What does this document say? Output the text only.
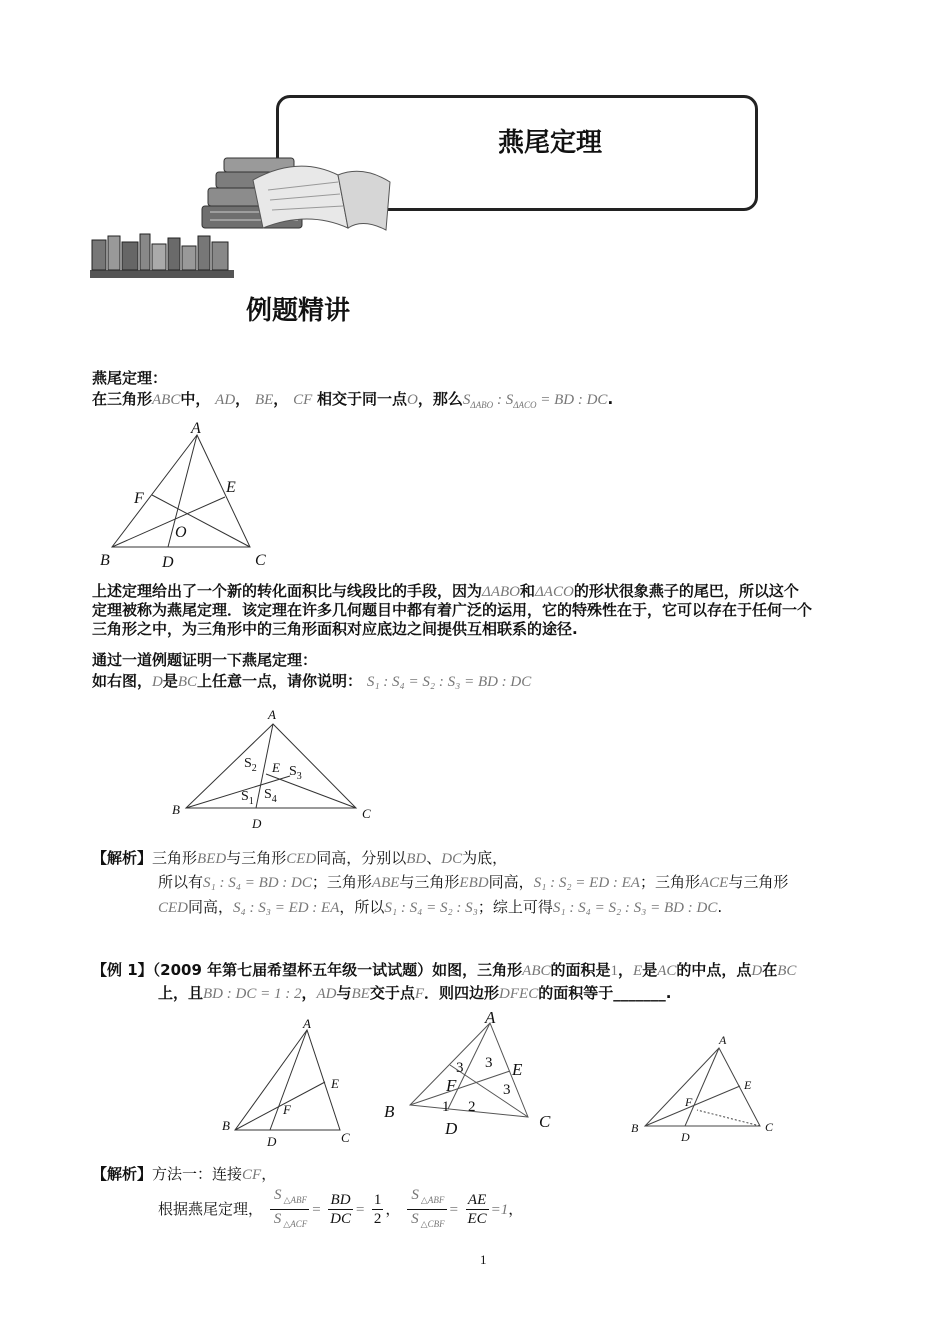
燕尾定理
例题精讲
燕尾定理：
在三角形ABC中， AD， BE， CF 相交于同一点O，那么$S_{\Delta ABO}$ : $S_{\Delta ACO}$ = BD : DC.
A
B	C
D
E
F
O
上述定理给出了一个新的转化面积比与线段比的手段，因为ΔABO和ΔACO的形状很象燕子的尾巴，所以这个
定理被称为燕尾定理．该定理在许多几何题目中都有着广泛的运用，它的特殊性在于，它可以存在于任何一个
三角形之中，为三角形中的三角形面积对应底边之间提供互相联系的途径.
通过一道例题证明一下燕尾定理：
如右图，D是BC上任意一点，请你说明： S₁ : S₄ = S₂ : S₃ = BD : DC
A
B	C
D
E
$S_2$ $S_3$
$S_1$ $S_4$
【解析】三角形BED与三角形CED同高，分别以BD、DC为底，
所以有S₁ : S₄ = BD : DC；三角形ABE与三角形EBD同高，S₁ : S₂ = ED : EA；三角形ACE与三角形
CED同高，S₄ : S₃ = ED : EA，所以S₁ : S₄ = S₂ : S₃；综上可得S₁ : S₄ = S₂ : S₃ = BD : DC.
【例 1】（2009 年第七届希望杯五年级一试试题）如图，三角形ABC的面积是1，E是AC的中点，点D在BC
上，且BD : DC = 1 : 2，AD与BE交于点F．则四边形DFEC的面积等于_______.
A
B
C
D
E
F
A
B
C
D
E
F
3 3
3
1 2
A
B	C
D
E
F
【解析】方法一：连接CF，
根据燕尾定理， $\frac{S _{\triangle ABF}}{S _{\triangle ACF}} = \frac{BD}{DC} = \frac{1}{2}$ ， $\frac{S _{\triangle ABF}}{S _{\triangle CBF}} = \frac{AE}{EC} =1$，
1
